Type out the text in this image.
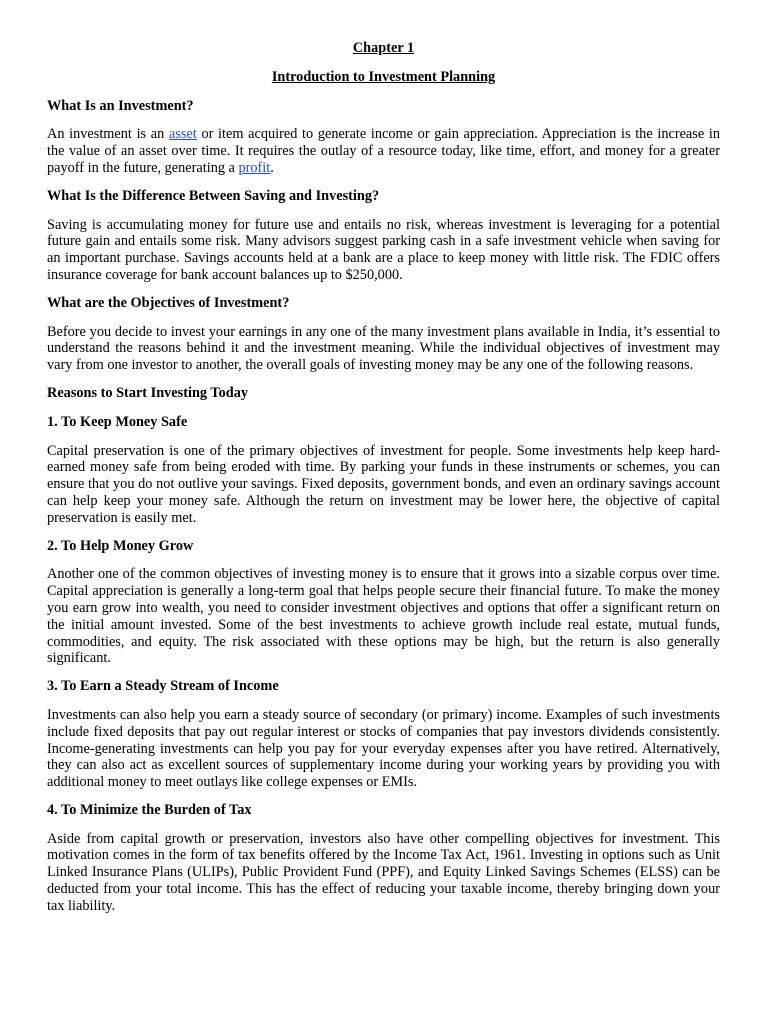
Chapter 1
Introduction to Investment Planning
What Is an Investment?

An investment is an asset or item acquired to generate income or gain appreciation. Appreciation is the increase in the value of an asset over time. It requires the outlay of a resource today, like time, effort, and money for a greater payoff in the future, generating a profit.

What Is the Difference Between Saving and Investing?

Saving is accumulating money for future use and entails no risk, whereas investment is leveraging for a potential future gain and entails some risk. Many advisors suggest parking cash in a safe investment vehicle when saving for an important purchase. Savings accounts held at a bank are a place to keep money with little risk. The FDIC offers insurance coverage for bank account balances up to $250,000.

What are the Objectives of Investment?

Before you decide to invest your earnings in any one of the many investment plans available in India, it’s essential to understand the reasons behind it and the investment meaning. While the individual objectives of investment may vary from one investor to another, the overall goals of investing money may be any one of the following reasons.

Reasons to Start Investing Today
1. To Keep Money Safe

Capital preservation is one of the primary objectives of investment for people. Some investments help keep hard-earned money safe from being eroded with time. By parking your funds in these instruments or schemes, you can ensure that you do not outlive your savings. Fixed deposits, government bonds, and even an ordinary savings account can help keep your money safe. Although the return on investment may be lower here, the objective of capital preservation is easily met.

2. To Help Money Grow

Another one of the common objectives of investing money is to ensure that it grows into a sizable corpus over time. Capital appreciation is generally a long-term goal that helps people secure their financial future. To make the money you earn grow into wealth, you need to consider investment objectives and options that offer a significant return on the initial amount invested. Some of the best investments to achieve growth include real estate, mutual funds, commodities, and equity. The risk associated with these options may be high, but the return is also generally significant.

3. To Earn a Steady Stream of Income

Investments can also help you earn a steady source of secondary (or primary) income. Examples of such investments include fixed deposits that pay out regular interest or stocks of companies that pay investors dividends consistently. Income-generating investments can help you pay for your everyday expenses after you have retired. Alternatively, they can also act as excellent sources of supplementary income during your working years by providing you with additional money to meet outlays like college expenses or EMIs.

4. To Minimize the Burden of Tax

Aside from capital growth or preservation, investors also have other compelling objectives for investment. This motivation comes in the form of tax benefits offered by the Income Tax Act, 1961. Investing in options such as Unit Linked Insurance Plans (ULIPs), Public Provident Fund (PPF), and Equity Linked Savings Schemes (ELSS) can be deducted from your total income. This has the effect of reducing your taxable income, thereby bringing down your tax liability.
